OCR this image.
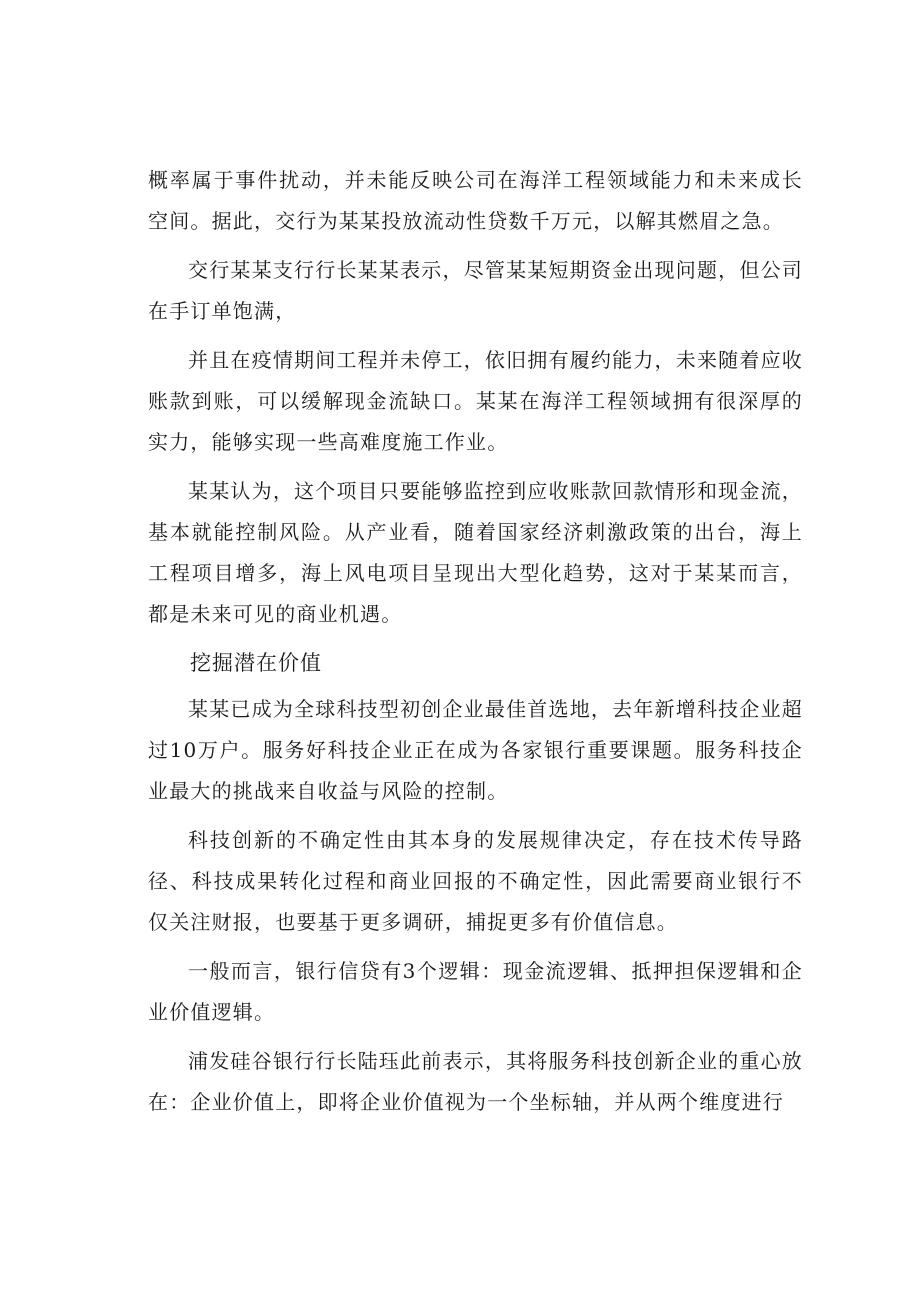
概率属于事件扰动，并未能反映公司在海洋工程领域能力和未来成长空间。据此，交行为某某投放流动性贷数千万元，以解其燃眉之急。

交行某某支行行长某某表示，尽管某某短期资金出现问题，但公司在手订单饱满，

并且在疫情期间工程并未停工，依旧拥有履约能力，未来随着应收账款到账，可以缓解现金流缺口。某某在海洋工程领域拥有很深厚的实力，能够实现一些高难度施工作业。

某某认为，这个项目只要能够监控到应收账款回款情形和现金流，基本就能控制风险。从产业看，随着国家经济刺激政策的出台，海上工程项目增多，海上风电项目呈现出大型化趋势，这对于某某而言，都是未来可见的商业机遇。

挖掘潜在价值

某某已成为全球科技型初创企业最佳首选地，去年新增科技企业超过10万户。服务好科技企业正在成为各家银行重要课题。服务科技企业最大的挑战来自收益与风险的控制。

科技创新的不确定性由其本身的发展规律决定，存在技术传导路径、科技成果转化过程和商业回报的不确定性，因此需要商业银行不仅关注财报，也要基于更多调研，捕捉更多有价值信息。

一般而言，银行信贷有3个逻辑：现金流逻辑、抵押担保逻辑和企业价值逻辑。

浦发硅谷银行行长陆珏此前表示，其将服务科技创新企业的重心放在：企业价值上，即将企业价值视为一个坐标轴，并从两个维度进行
